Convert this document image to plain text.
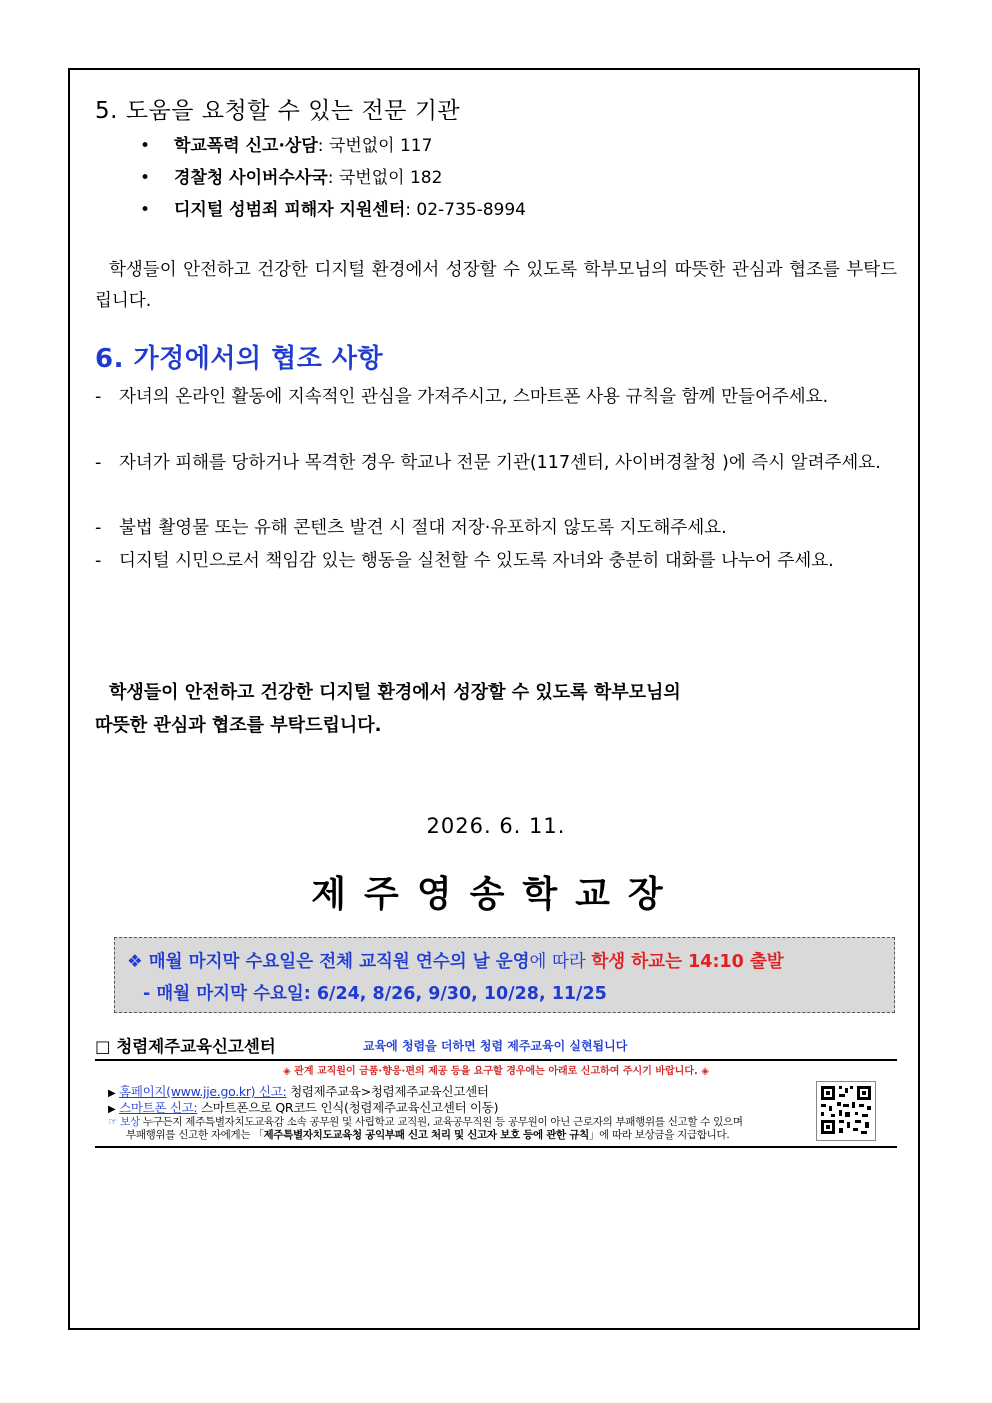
5. 도움을 요청할 수 있는 전문 기관
• 학교폭력 신고·상담: 국번없이 117
• 경찰청 사이버수사국: 국번없이 182
• 디지털 성범죄 피해자 지원센터: 02-735-8994
학생들이 안전하고 건강한 디지털 환경에서 성장할 수 있도록 학부모님의 따뜻한 관심과 협조를 부탁드립니다.
6. 가정에서의 협조 사항
-	자녀의 온라인 활동에 지속적인 관심을 가져주시고, 스마트폰 사용 규칙을 함께 만들어주세요.
-	자녀가 피해를 당하거나 목격한 경우 학교나 전문 기관(117센터, 사이버경찰청 )에 즉시 알려주세요.
-	불법 촬영물 또는 유해 콘텐츠 발견 시 절대 저장·유포하지 않도록 지도해주세요.
-	디지털 시민으로서 책임감 있는 행동을 실천할 수 있도록 자녀와 충분히 대화를 나누어 주세요.
학생들이 안전하고 건강한 디지털 환경에서 성장할 수 있도록 학부모님의
따뜻한 관심과 협조를 부탁드립니다.
2026. 6. 11.
제주영송학교장
❖ 매월 마지막 수요일은 전체 교직원 연수의 날 운영에 따라 학생 하교는 14:10 출발
- 매월 마지막 수요일: 6/24, 8/26, 9/30, 10/28, 11/25
□ 청렴제주교육신고센터	교육에 청렴을 더하면 청렴 제주교육이 실현됩니다
◈ 관계 교직원이 금품·향응·편의 제공 등을 요구할 경우에는 아래로 신고하여 주시기 바랍니다. ◈
▶ 홈페이지(www.jje.go.kr) 신고: 청렴제주교육>청렴제주교육신고센터
▶ 스마트폰 신고: 스마트폰으로 QR코드 인식(청렴제주교육신고센터 이동)
☞ 보상 누구든지 제주특별자치도교육감 소속 공무원 및 사립학교 교직원, 교육공무직원 등 공무원이 아닌 근로자의 부패행위를 신고할 수 있으며
부패행위를 신고한 자에게는 「제주특별자치도교육청 공익부패 신고 처리 및 신고자 보호 등에 관한 규칙」에 따라 보상금을 지급합니다.
